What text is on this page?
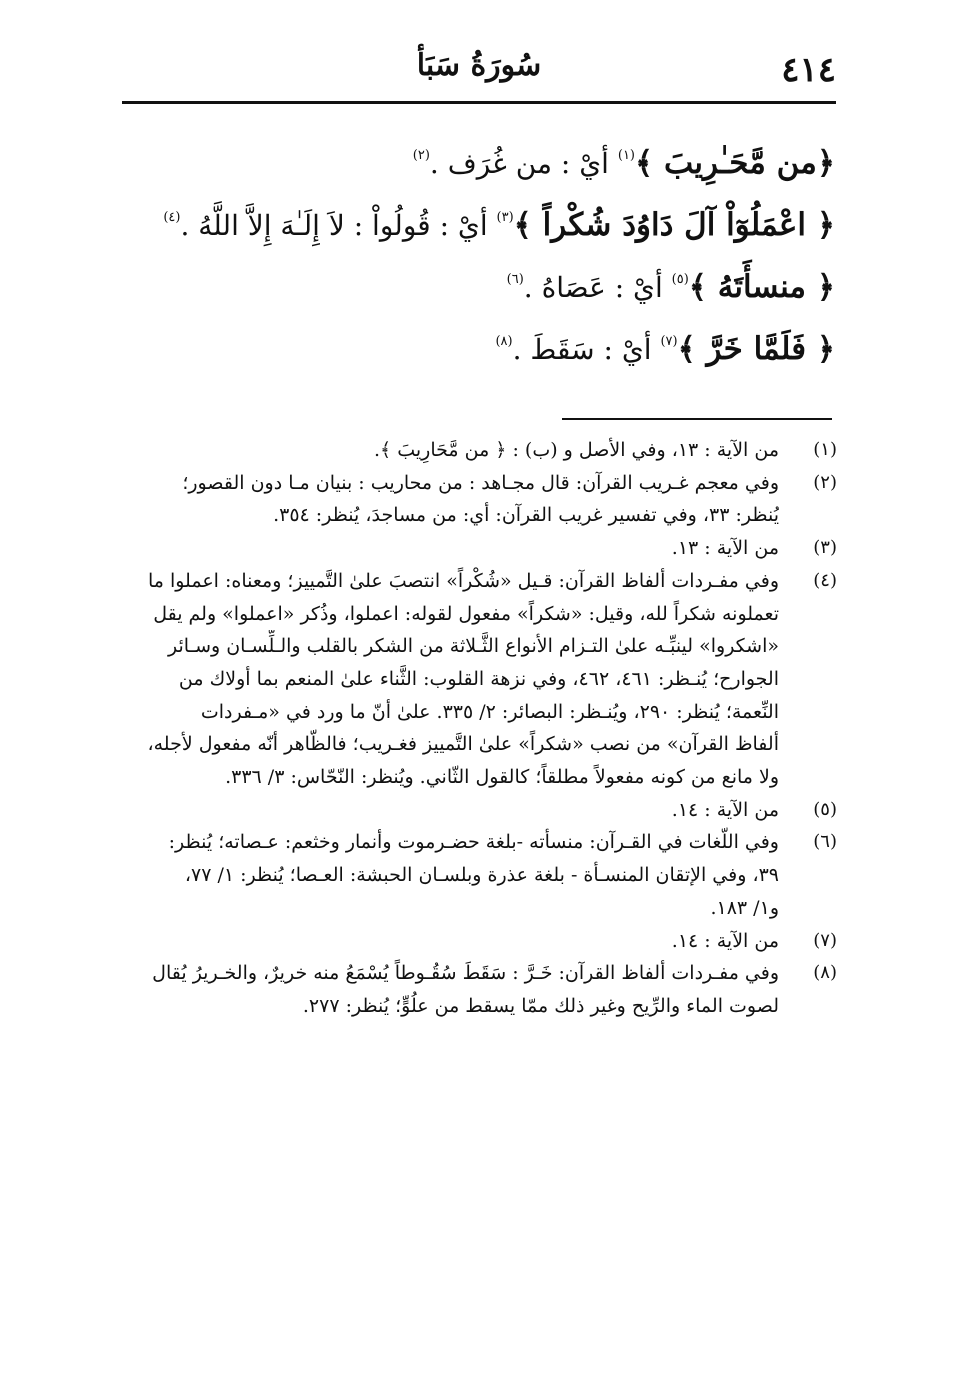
٤١٤
سُورَةُ سَبَأ
﴿من مَّحَـٰرِيبَ ﴾$^{(١)}$ أيْ : من غُرَف .$^{(٢)}$
﴿ اعْمَلُوٓاْ آلَ دَاوُدَ شُكْراً ﴾$^{(٣)}$ أيْ : قُولُواْ : لاَ إِلَـٰهَ إِلاَّ اللَّهُ .$^{(٤)}$
﴿ منسأَتَهُ ﴾$^{(٥)}$ أيْ : عَصَاهُ .$^{(٦)}$
﴿ فَلَمَّا خَرَّ ﴾$^{(٧)}$ أيْ : سَقَطَ .$^{(٨)}$
(١)
من الآية : ١٣، وفي الأصل و (ب) : ﴿ من مَّحَارِيبَ ﴾.
(٢)
وفي معجم غـريب القرآن: قال مجـاهد : من محاريب : بنيان مـا دون القصور؛
يُنظر: ٣٣، وفي تفسير غريب القرآن: أي: من مساجدَ، يُنظر: ٣٥٤.
(٣)
من الآية : ١٣.
(٤)
وفي مفـردات ألفاظ القرآن: قـيل «شُكْراً» انتصبَ علىٰ التَّمييز؛ ومعناه: اعملوا ما
تعملونه شكراً لله، وقيل: «شكراً» مفعول لقوله: اعملوا، وذُكر «اعملوا» ولم يقل
«اشكروا» لينبِّـه علىٰ التـزام الأنواع الثَّـلاثة من الشكر بالقلب والـلِّسـان وسـائر
الجوارح؛ يُنـظر: ٤٦١، ٤٦٢، وفي نزهة القلوب: الثَّناء علىٰ المنعم بما أولاك من
النِّعمة؛ يُنظر: ٢٩٠، ويُنـظر: البصائر: ٢/ ٣٣٥. علىٰ أنّ ما ورد في «مـفردات
ألفاظ القرآن» من نصب «شكراً» علىٰ التَّمييز فغـريب؛ فالظّاهر أنّه مفعول لأجله،
ولا مانع من كونه مفعولاً مطلقاً؛ كالقول الثّاني. ويُنظر: النّحّاس: ٣/ ٣٣٦.
(٥)
من الآية : ١٤.
(٦)
وفي اللّغات في القـرآن: منسأته -بلغة حضـرموت وأنمار وخثعم: عـصاته؛ يُنظر:
٣٩، وفي الإتقان المنسـأة - بلغة عذرة وبلسـان الحبشة: العـصا؛ يُنظر: ١/ ٧٧،
و١/ ١٨٣.
(٧)
من الآية : ١٤.
(٨)
وفي مفـردات ألفاظ القرآن: خَـرَّ : سَقَطَ سُقُـوطاً يُسْمَعُ منه خريرٌ، والخـريرُ يُقال
لصوت الماء والرِّيح وغير ذلك ممّا يسقط من علُوٍّ؛ يُنظر: ٢٧٧.
